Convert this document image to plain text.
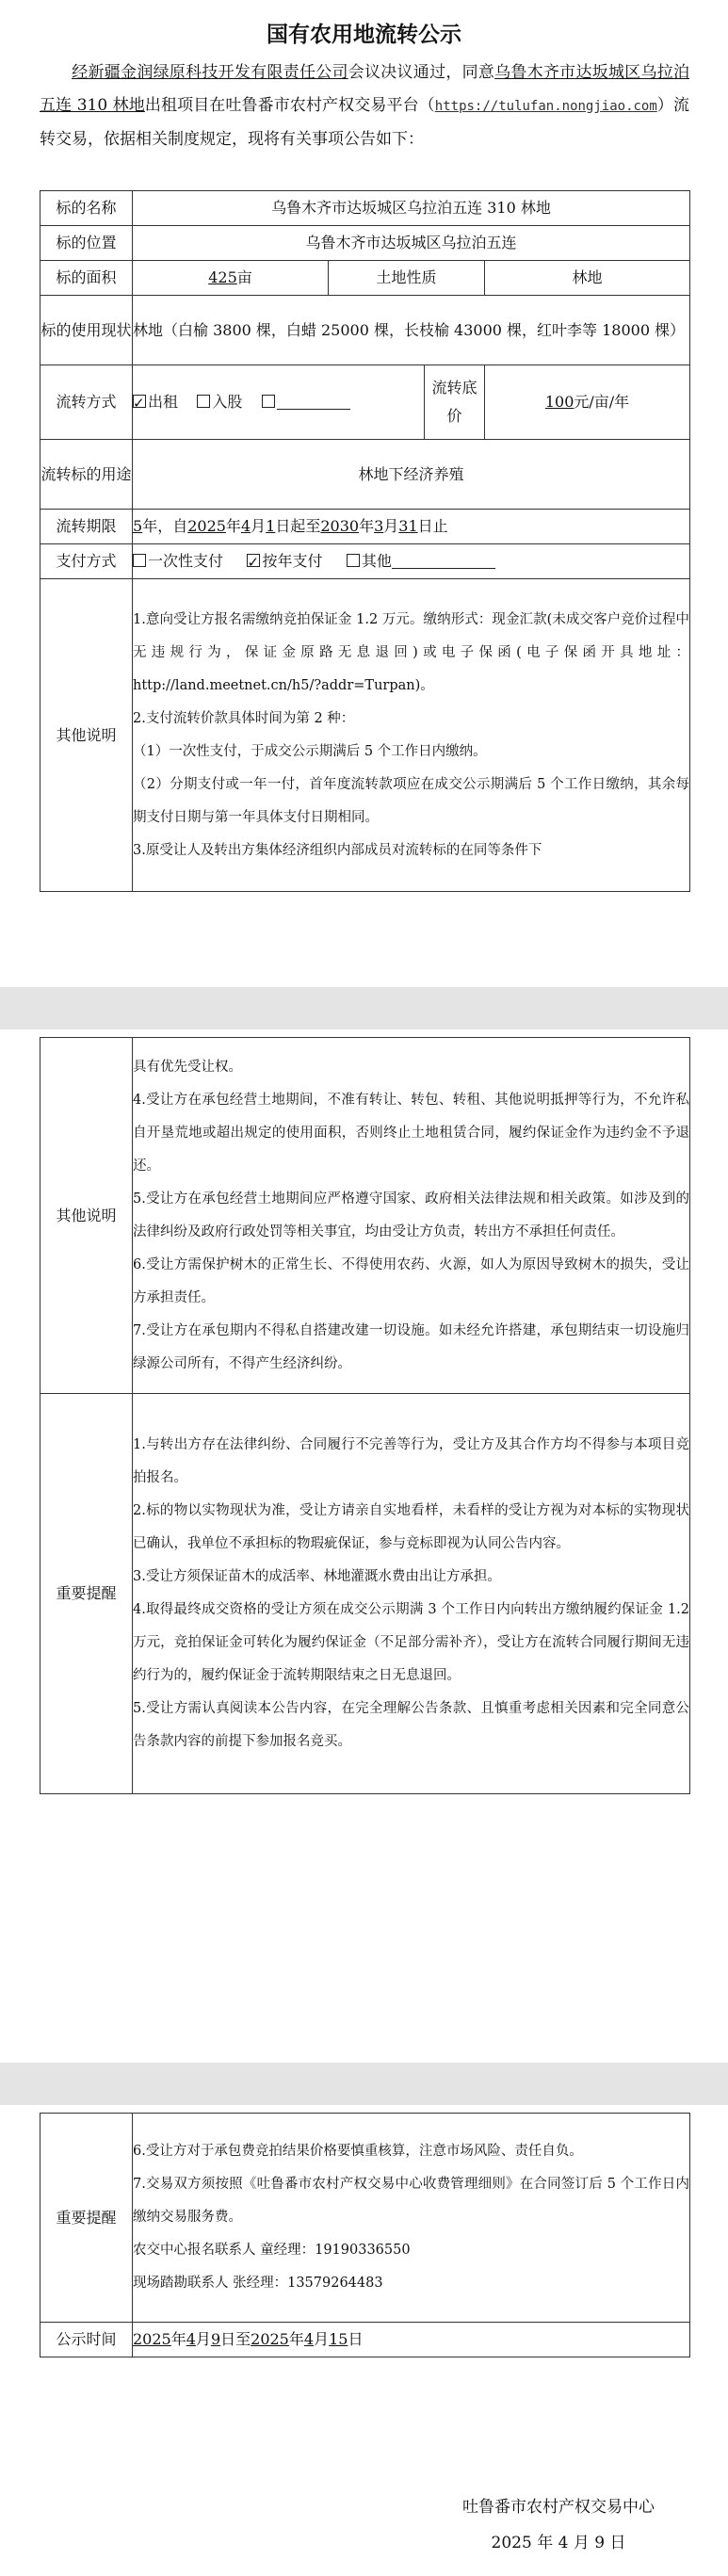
国有农用地流转公示
经新疆金润绿原科技开发有限责任公司会议决议通过，同意乌鲁木齐市达坂城区乌拉泊五连 310 林地出租项目在吐鲁番市农村产权交易平台（https://tulufan.nongjiao.com）流转交易，依据相关制度规定，现将有关事项公告如下：
标的名称	乌鲁木齐市达坂城区乌拉泊五连 310 林地			
标的位置	乌鲁木齐市达坂城区乌拉泊五连			
标的面积	425亩	土地性质		林地
标的使用现状	林地（白榆 3800 棵，白蜡 25000 棵，长枝榆 43000 棵，红叶李等 18000 棵）			
流转方式	✓出租 入股		流转底价	100元/亩/年
流转标的用途	林地下经济养殖			
流转期限	5年，自2025年4月1日起至2030年3月31日止			
支付方式	一次性支付 ✓ 按年支付 其他
其他说明	1.意向受让方报名需缴纳竞拍保证金 1.2 万元。缴纳形式：现金汇款(未成交客户竞价过程中无违规行为，保证金原路无息退回)或电子保函(电子保函开具地址：http://land.meetnet.cn/h5/?addr=Turpan)。

2.支付流转价款具体时间为第 2 种：

（1）一次性支付，于成交公示期满后 5 个工作日内缴纳。

（2）分期支付或一年一付，首年度流转款项应在成交公示期满后 5 个工作日缴纳，其余每期支付日期与第一年具体支付日期相同。

3.原受让人及转出方集体经济组织内部成员对流转标的在同等条件下			

其他说明	具有优先受让权。

4.受让方在承包经营土地期间，不准有转让、转包、转租、其他说明抵押等行为，不允许私自开垦荒地或超出规定的使用面积，否则终止土地租赁合同，履约保证金作为违约金不予退还。

5.受让方在承包经营土地期间应严格遵守国家、政府相关法律法规和相关政策。如涉及到的法律纠纷及政府行政处罚等相关事宜，均由受让方负责，转出方不承担任何责任。

6.受让方需保护树木的正常生长、不得使用农药、火源，如人为原因导致树木的损失，受让方承担责任。

7.受让方在承包期内不得私自搭建改建一切设施。如未经允许搭建，承包期结束一切设施归绿源公司所有，不得产生经济纠纷。

重要提醒	1.与转出方存在法律纠纷、合同履行不完善等行为，受让方及其合作方均不得参与本项目竞拍报名。

2.标的物以实物现状为准，受让方请亲自实地看样，未看样的受让方视为对本标的实物现状已确认，我单位不承担标的物瑕疵保证，参与竞标即视为认同公告内容。

3.受让方须保证苗木的成活率、林地灌溉水费由出让方承担。

4.取得最终成交资格的受让方须在成交公示期满 3 个工作日内向转出方缴纳履约保证金 1.2 万元，竞拍保证金可转化为履约保证金（不足部分需补齐），受让方在流转合同履行期间无违约行为的，履约保证金于流转期限结束之日无息退回。

5.受让方需认真阅读本公告内容，在完全理解公告条款、且慎重考虑相关因素和完全同意公告条款内容的前提下参加报名竞买。

重要提醒	6.受让方对于承包费竞拍结果价格要慎重核算，注意市场风险、责任自负。

7.交易双方须按照《吐鲁番市农村产权交易中心收费管理细则》在合同签订后 5 个工作日内缴纳交易服务费。

农交中心报名联系人 童经理：19190336550

现场踏勘联系人 张经理：13579264483

公示时间	2025年4月9日至2025年4月15日
吐鲁番市农村产权交易中心
2025 年 4 月 9 日
